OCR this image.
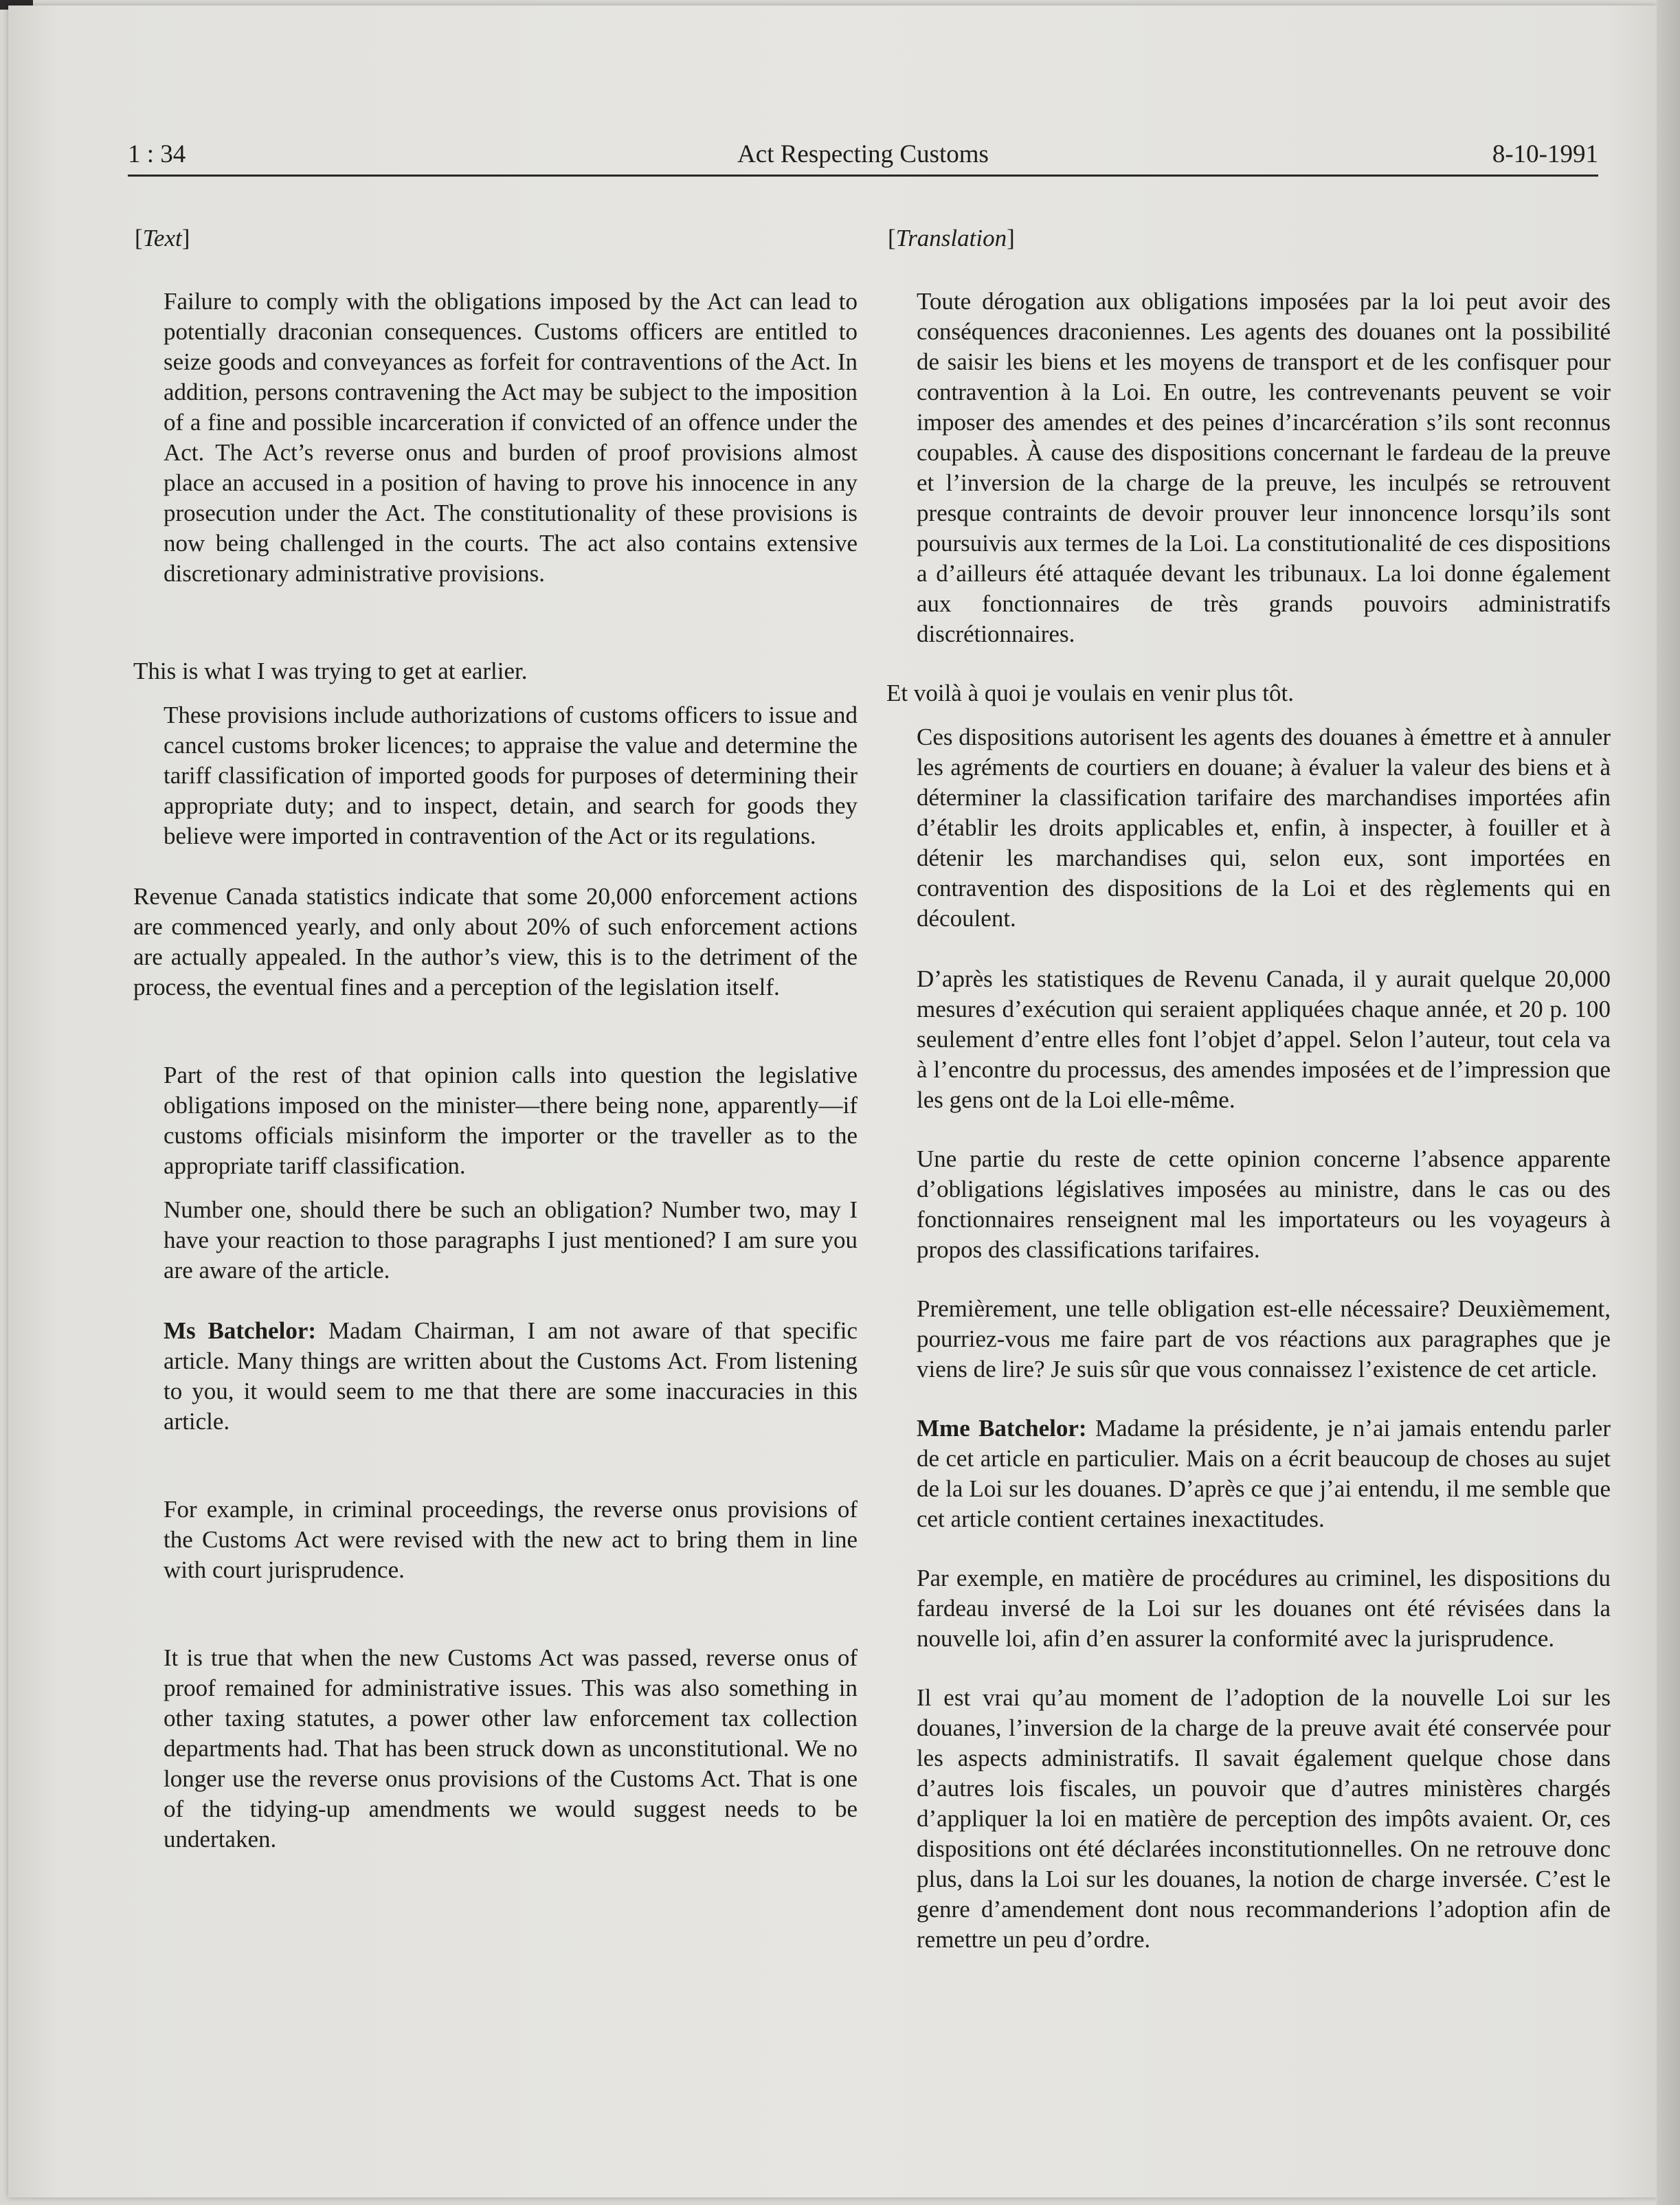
1 : 34	Act Respecting Customs	8-10-1991
[Text]

Failure to comply with the obligations imposed by the Act can lead to potentially draconian consequences. Customs officers are entitled to seize goods and conveyances as forfeit for contraventions of the Act. In addition, persons contravening the Act may be subject to the imposition of a fine and possible incarceration if convicted of an offence under the Act. The Act’s reverse onus and burden of proof provisions almost place an accused in a position of having to prove his innocence in any prosecution under the Act. The constitutionality of these provisions is now being challenged in the courts. The act also contains extensive discretionary administrative provisions.

This is what I was trying to get at earlier.

These provisions include authorizations of customs officers to issue and cancel customs broker licences; to appraise the value and determine the tariff classification of imported goods for purposes of determining their appropriate duty; and to inspect, detain, and search for goods they believe were imported in contravention of the Act or its regulations.

Revenue Canada statistics indicate that some 20,000 enforcement actions are commenced yearly, and only about 20% of such enforcement actions are actually appealed. In the author’s view, this is to the detriment of the process, the eventual fines and a perception of the legislation itself.

Part of the rest of that opinion calls into question the legislative obligations imposed on the minister—there being none, apparently—if customs officials misinform the importer or the traveller as to the appropriate tariff classification.

Number one, should there be such an obligation? Number two, may I have your reaction to those paragraphs I just mentioned? I am sure you are aware of the article.

Ms Batchelor: Madam Chairman, I am not aware of that specific article. Many things are written about the Customs Act. From listening to you, it would seem to me that there are some inaccuracies in this article.

For example, in criminal proceedings, the reverse onus provisions of the Customs Act were revised with the new act to bring them in line with court jurisprudence.

It is true that when the new Customs Act was passed, reverse onus of proof remained for administrative issues. This was also something in other taxing statutes, a power other law enforcement tax collection departments had. That has been struck down as unconstitutional. We no longer use the reverse onus provisions of the Customs Act. That is one of the tidying-up amendments we would suggest needs to be undertaken.

[Translation]

Toute dérogation aux obligations imposées par la loi peut avoir des conséquences draconiennes. Les agents des douanes ont la possibilité de saisir les biens et les moyens de transport et de les confisquer pour contravention à la Loi. En outre, les contrevenants peuvent se voir imposer des amendes et des peines d’incarcération s’ils sont reconnus coupables. À cause des dispositions concernant le fardeau de la preuve et l’inversion de la charge de la preuve, les inculpés se retrouvent presque contraints de devoir prouver leur innoncence lorsqu’ils sont poursuivis aux termes de la Loi. La constitutionalité de ces dispositions a d’ailleurs été attaquée devant les tribunaux. La loi donne également aux fonctionnaires de très grands pouvoirs administratifs discrétionnaires.

Et voilà à quoi je voulais en venir plus tôt.

Ces dispositions autorisent les agents des douanes à émettre et à annuler les agréments de courtiers en douane; à évaluer la valeur des biens et à déterminer la classification tarifaire des marchandises importées afin d’établir les droits applicables et, enfin, à inspecter, à fouiller et à détenir les marchandises qui, selon eux, sont importées en contravention des dispositions de la Loi et des règlements qui en découlent.

D’après les statistiques de Revenu Canada, il y aurait quelque 20,000 mesures d’exécution qui seraient appliquées chaque année, et 20 p. 100 seulement d’entre elles font l’objet d’appel. Selon l’auteur, tout cela va à l’encontre du processus, des amendes imposées et de l’impression que les gens ont de la Loi elle-même.

Une partie du reste de cette opinion concerne l’absence apparente d’obligations législatives imposées au ministre, dans le cas ou des fonctionnaires renseignent mal les importateurs ou les voyageurs à propos des classifications tarifaires.

Premièrement, une telle obligation est-elle nécessaire? Deuxièmement, pourriez-vous me faire part de vos réactions aux paragraphes que je viens de lire? Je suis sûr que vous connaissez l’existence de cet article.

Mme Batchelor: Madame la présidente, je n’ai jamais entendu parler de cet article en particulier. Mais on a écrit beaucoup de choses au sujet de la Loi sur les douanes. D’après ce que j’ai entendu, il me semble que cet article contient certaines inexactitudes.

Par exemple, en matière de procédures au criminel, les dispositions du fardeau inversé de la Loi sur les douanes ont été révisées dans la nouvelle loi, afin d’en assurer la conformité avec la jurisprudence.

Il est vrai qu’au moment de l’adoption de la nouvelle Loi sur les douanes, l’inversion de la charge de la preuve avait été conservée pour les aspects administratifs. Il savait également quelque chose dans d’autres lois fiscales, un pouvoir que d’autres ministères chargés d’appliquer la loi en matière de perception des impôts avaient. Or, ces dispositions ont été déclarées inconstitutionnelles. On ne retrouve donc plus, dans la Loi sur les douanes, la notion de charge inversée. C’est le genre d’amendement dont nous recommanderions l’adoption afin de remettre un peu d’ordre.
